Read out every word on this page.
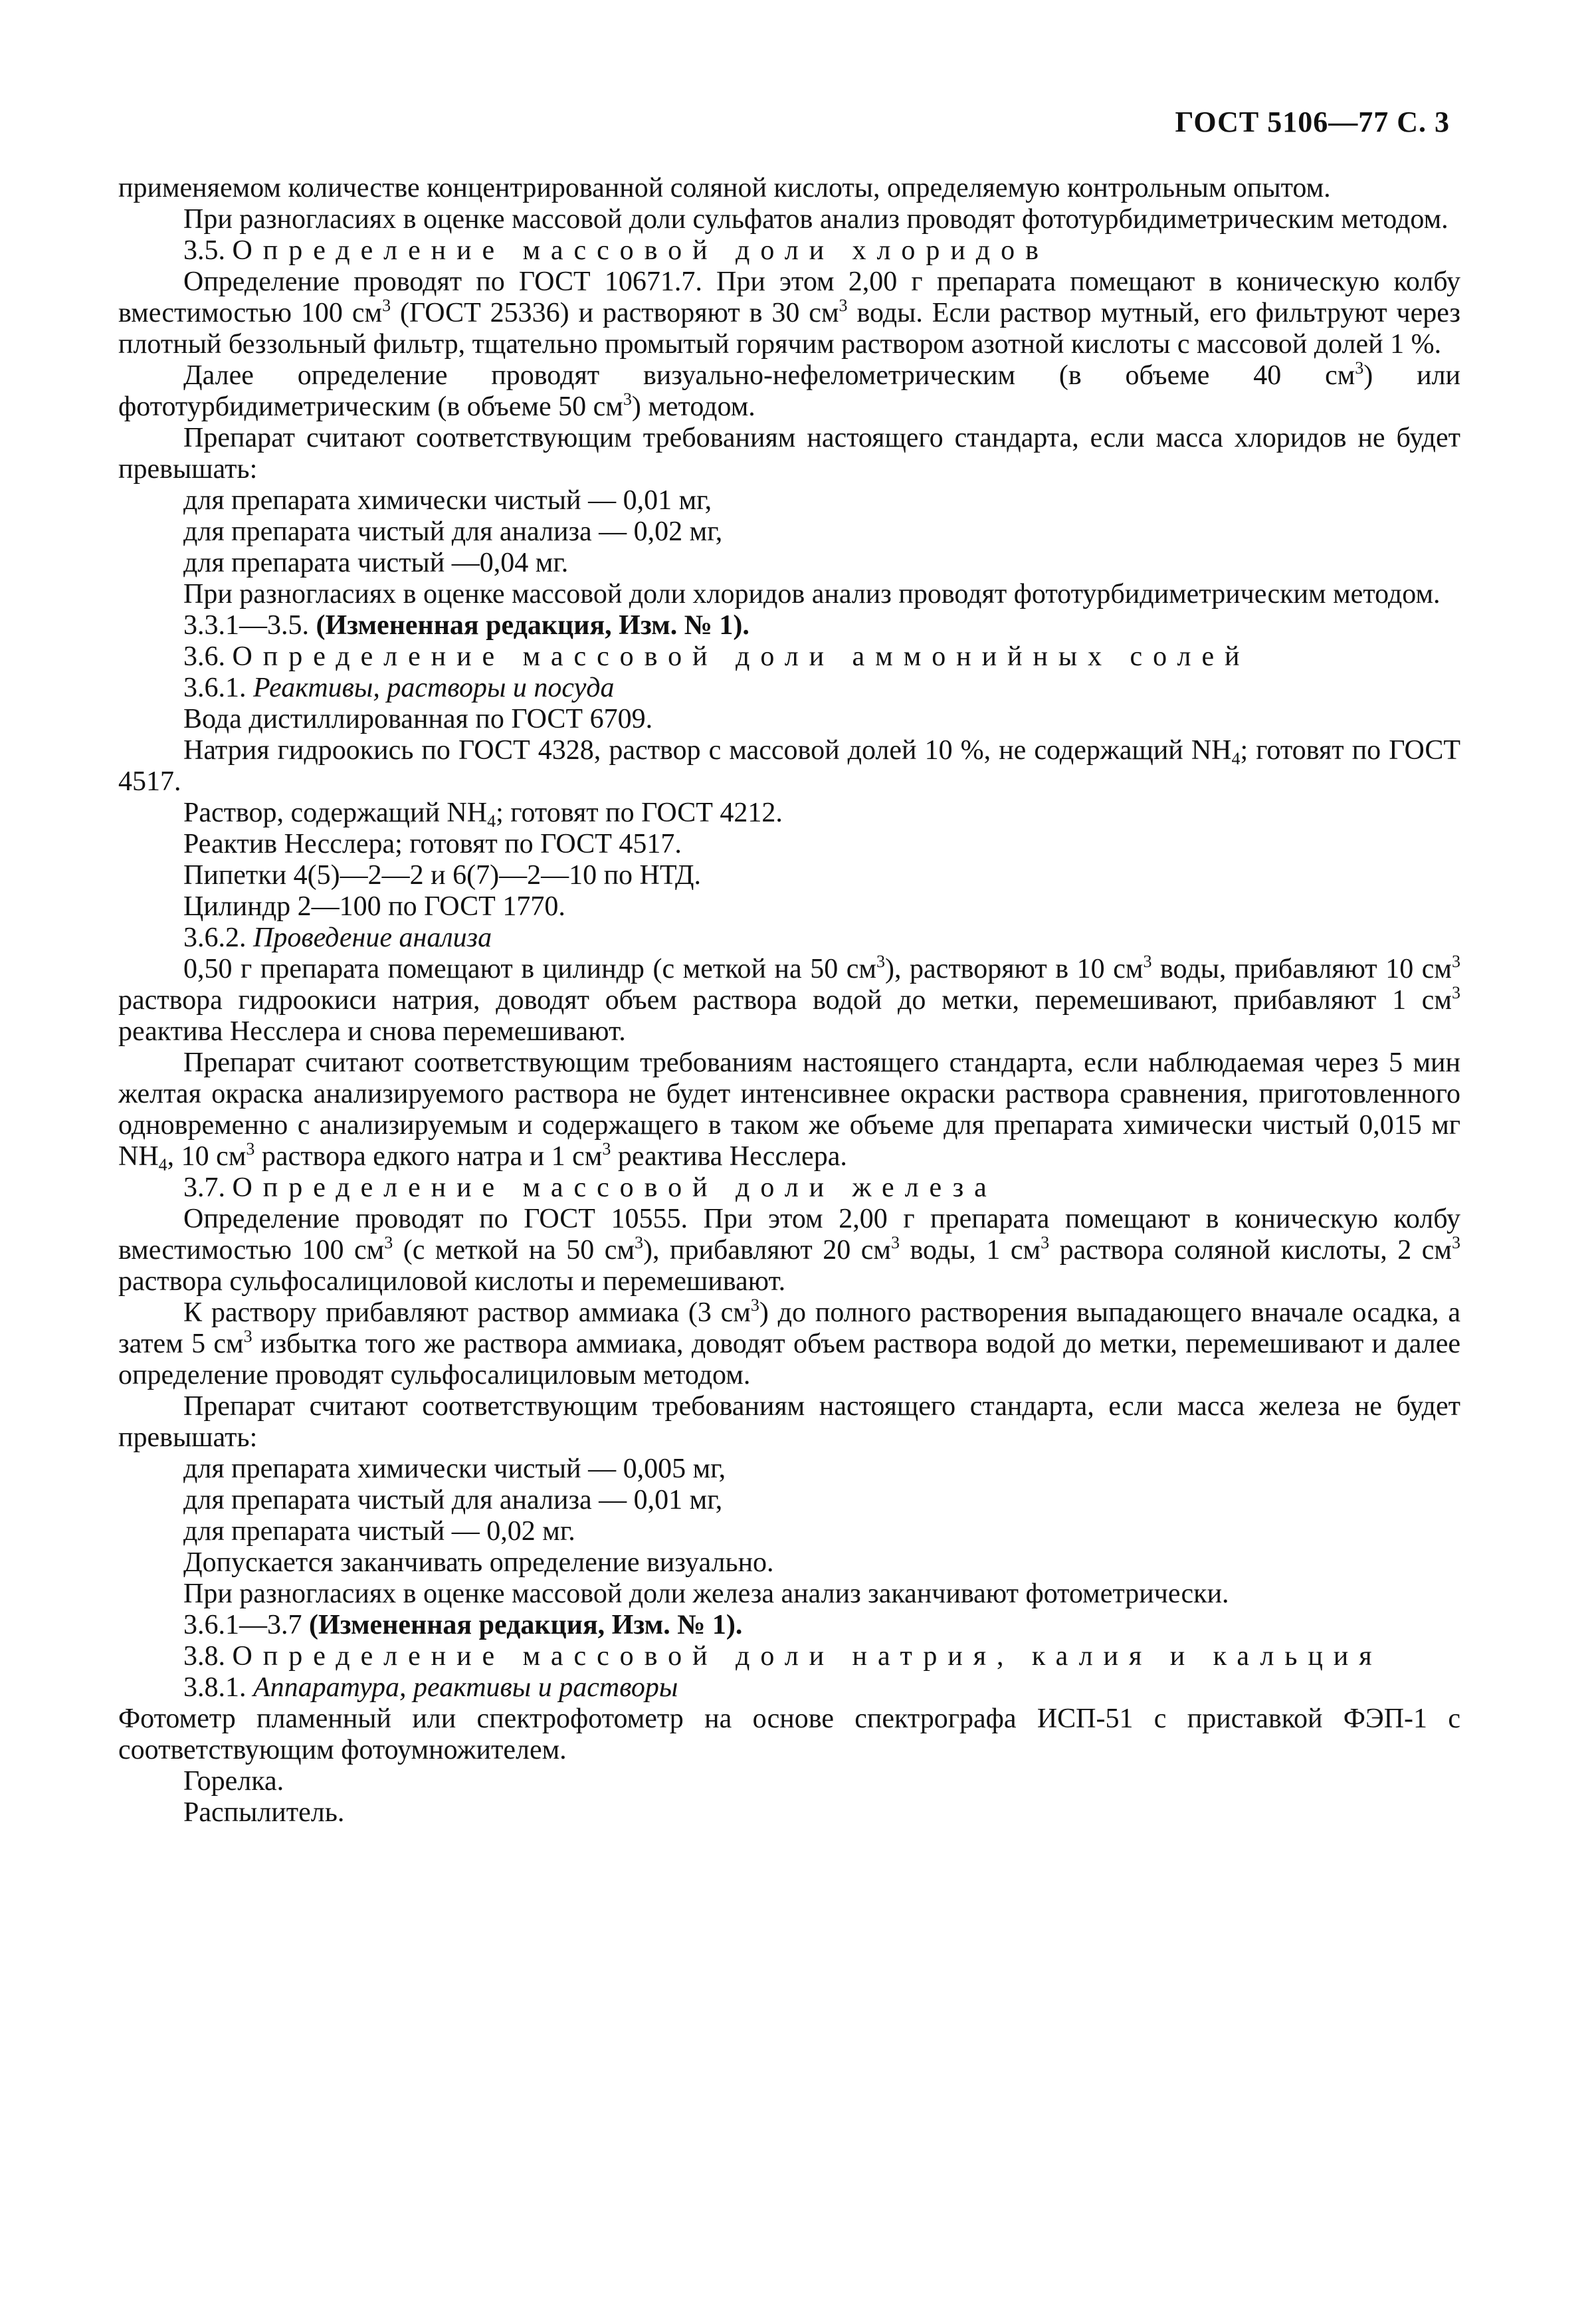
ГОСТ 5106—77 С. 3

применяемом количестве концентрированной соляной кислоты, определяемую контрольным опытом.

При разногласиях в оценке массовой доли сульфатов анализ проводят фототурбидиметрическим методом.

3.5. Определение массовой доли хлоридов

Определение проводят по ГОСТ 10671.7. При этом 2,00 г препарата помещают в коническую колбу вместимостью 100 $см^3$ (ГОСТ 25336) и растворяют в 30 $см^3$ воды. Если раствор мутный, его фильтруют через плотный беззольный фильтр, тщательно промытый горячим раствором азотной кислоты с массовой долей 1 %.

Далее определение проводят визуально-нефелометрическим (в объеме 40 $см^3$) или фототурбидиметрическим (в объеме 50 $см^3$) методом.

Препарат считают соответствующим требованиям настоящего стандарта, если масса хлоридов не будет превышать:

для препарата химически чистый — 0,01 мг,

для препарата чистый для анализа — 0,02 мг,

для препарата чистый —0,04 мг.

При разногласиях в оценке массовой доли хлоридов анализ проводят фототурбидиметрическим методом.

3.3.1—3.5. (Измененная редакция, Изм. № 1).

3.6. Определение массовой доли аммонийных солей

3.6.1. Реактивы, растворы и посуда

Вода дистиллированная по ГОСТ 6709.

Натрия гидроокись по ГОСТ 4328, раствор с массовой долей 10 %, не содержащий $NH_4$; готовят по ГОСТ 4517.

Раствор, содержащий $NH_4$; готовят по ГОСТ 4212.

Реактив Несслера; готовят по ГОСТ 4517.

Пипетки 4(5)—2—2 и 6(7)—2—10 по НТД.

Цилиндр 2—100 по ГОСТ 1770.

3.6.2. Проведение анализа

0,50 г препарата помещают в цилиндр (с меткой на 50 $см^3$), растворяют в 10 $см^3$ воды, прибавляют 10 $см^3$ раствора гидроокиси натрия, доводят объем раствора водой до метки, перемешивают, прибавляют 1 $см^3$ реактива Несслера и снова перемешивают.

Препарат считают соответствующим требованиям настоящего стандарта, если наблюдаемая через 5 мин желтая окраска анализируемого раствора не будет интенсивнее окраски раствора сравнения, приготовленного одновременно с анализируемым и содержащего в таком же объеме для препарата химически чистый 0,015 мг $NH_4$, 10 $см^3$ раствора едкого натра и 1 $см^3$ реактива Несслера.

3.7. Определение массовой доли железа

Определение проводят по ГОСТ 10555. При этом 2,00 г препарата помещают в коническую колбу вместимостью 100 $см^3$ (с меткой на 50 $см^3$), прибавляют 20 $см^3$ воды, 1 $см^3$ раствора соляной кислоты, 2 $см^3$ раствора сульфосалициловой кислоты и перемешивают.

К раствору прибавляют раствор аммиака (3 $см^3$) до полного растворения выпадающего вначале осадка, а затем 5 $см^3$ избытка того же раствора аммиака, доводят объем раствора водой до метки, перемешивают и далее определение проводят сульфосалициловым методом.

Препарат считают соответствующим требованиям настоящего стандарта, если масса железа не будет превышать:

для препарата химически чистый — 0,005 мг,

для препарата чистый для анализа — 0,01 мг,

для препарата чистый — 0,02 мг.

Допускается заканчивать определение визуально.

При разногласиях в оценке массовой доли железа анализ заканчивают фотометрически.

3.6.1—3.7 (Измененная редакция, Изм. № 1).

3.8. Определение массовой доли натрия, калия и кальция

3.8.1. Аппаратура, реактивы и растворы

Фотометр пламенный или спектрофотометр на основе спектрографа ИСП-51 с приставкой ФЭП-1 с соответствующим фотоумножителем.

Горелка.

Распылитель.
